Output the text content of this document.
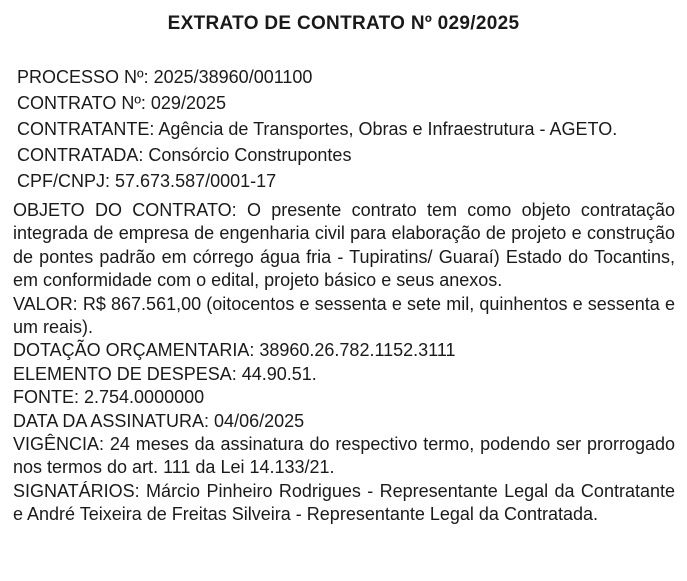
EXTRATO DE CONTRATO Nº 029/2025
PROCESSO Nº: 2025/38960/001100
CONTRATO Nº: 029/2025
CONTRATANTE: Agência de Transportes, Obras e Infraestrutura - AGETO.
CONTRATADA: Consórcio Construpontes
CPF/CNPJ: 57.673.587/0001-17
OBJETO DO CONTRATO: O presente contrato tem como objeto contratação integrada de empresa de engenharia civil para elaboração de projeto e construção de pontes padrão em córrego água fria - Tupiratins/ Guaraí) Estado do Tocantins, em conformidade com o edital, projeto básico e seus anexos.
VALOR: R$ 867.561,00 (oitocentos e sessenta e sete mil, quinhentos e sessenta e um reais).
DOTAÇÃO ORÇAMENTARIA: 38960.26.782.1152.3111
ELEMENTO DE DESPESA: 44.90.51.
FONTE: 2.754.0000000
DATA DA ASSINATURA: 04/06/2025
VIGÊNCIA: 24 meses da assinatura do respectivo termo, podendo ser prorrogado nos termos do art. 111 da Lei 14.133/21.
SIGNATÁRIOS: Márcio Pinheiro Rodrigues - Representante Legal da Contratante e André Teixeira de Freitas Silveira - Representante Legal da Contratada.
